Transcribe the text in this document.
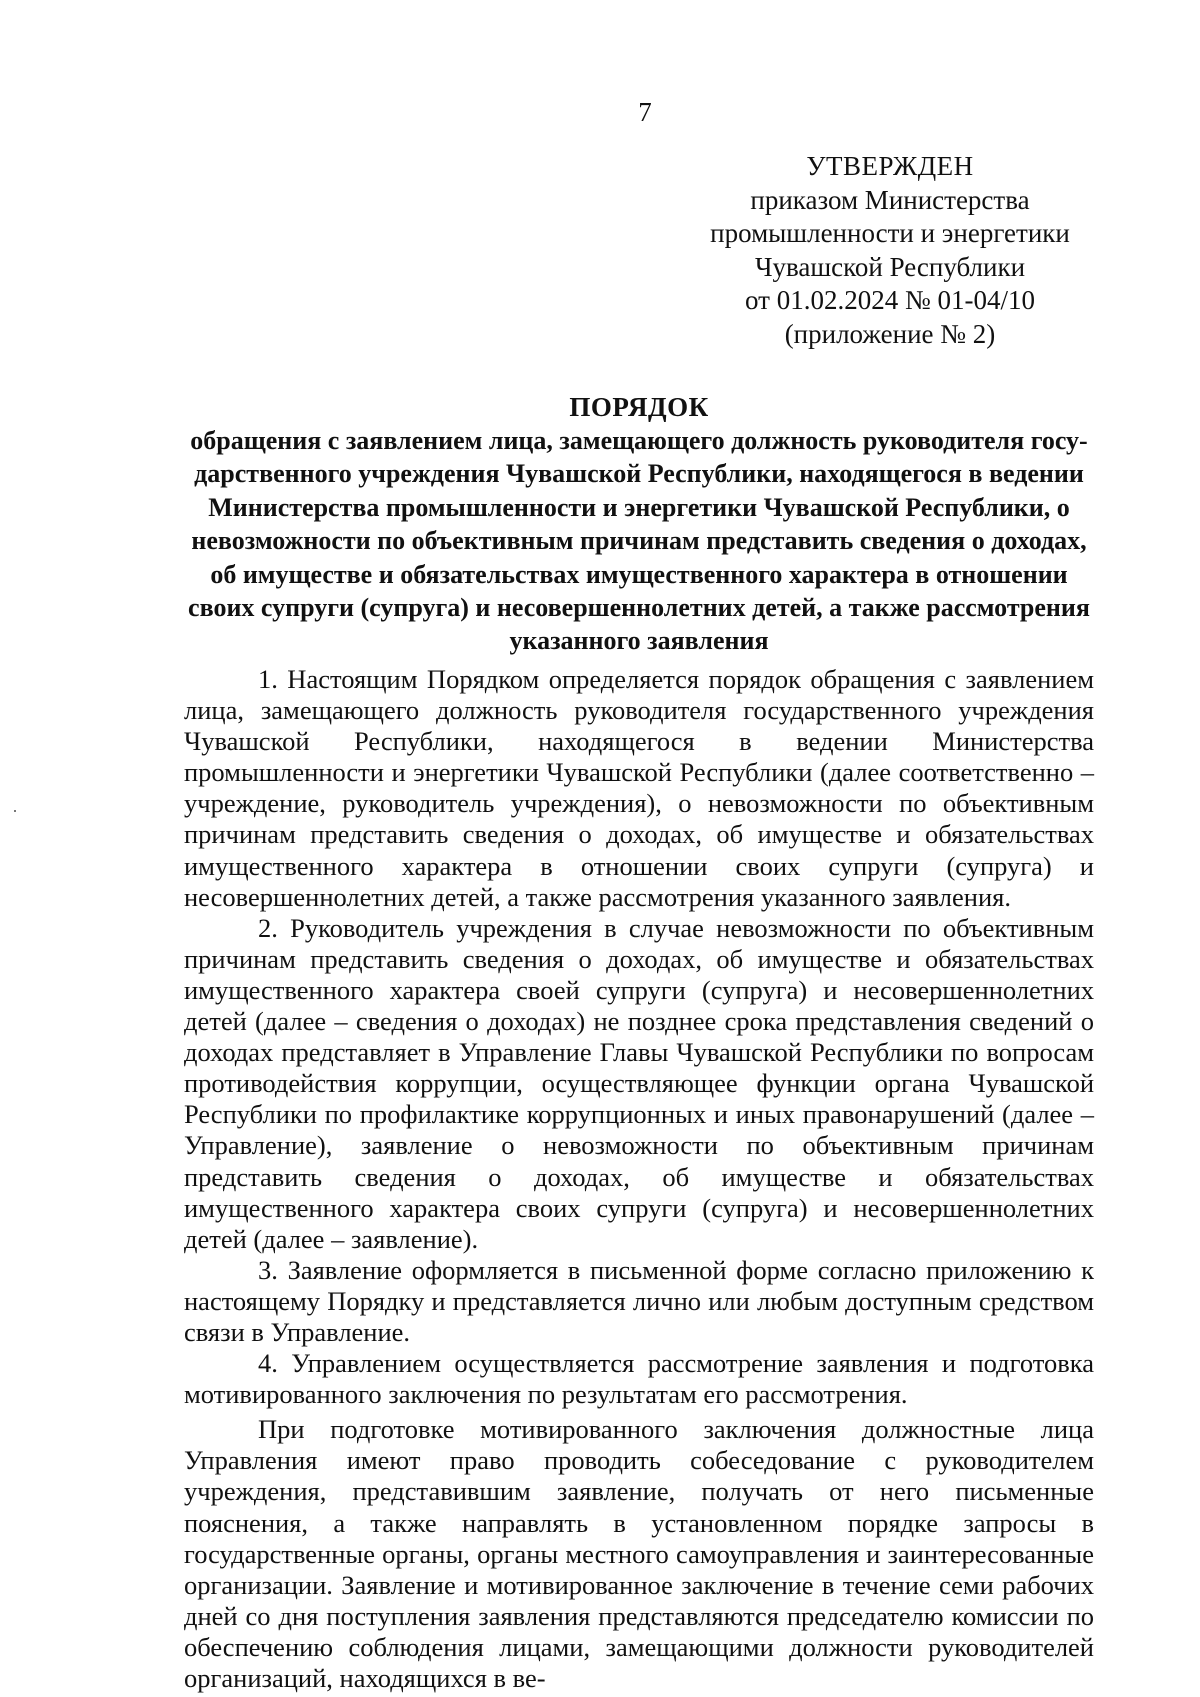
7
УТВЕРЖДЕН
приказом Министерства
промышленности и энергетики
Чувашской Республики
от 01.02.2024 № 01-04/10
(приложение № 2)
ПОРЯДОК
обращения с заявлением лица, замещающего должность руководителя госу-
дарственного учреждения Чувашской Республики, находящегося в ведении
Министерства промышленности и энергетики Чувашской Республики, о
невозможности по объективным причинам представить сведения о доходах,
об имуществе и обязательствах имущественного характера в отношении
своих супруги (супруга) и несовершеннолетних детей, а также рассмотрения
указанного заявления

1. Настоящим Порядком определяется порядок обращения с заявлением лица, замещающего должность руководителя государственного учреждения Чувашской Республики, находящегося в ведении Министерства промышленности и энергетики Чувашской Республики (далее соответственно – учреждение, руководитель учреждения), о невозможности по объективным причинам представить сведения о доходах, об имуществе и обязательствах имущественного характера в отношении своих супруги (супруга) и несовершеннолетних детей, а также рассмотрения указанного заявления.

2. Руководитель учреждения в случае невозможности по объективным причинам представить сведения о доходах, об имуществе и обязательствах имущественного характера своей супруги (супруга) и несовершеннолетних детей (далее – сведения о доходах) не позднее срока представления сведений о доходах представляет в Управление Главы Чувашской Республики по вопросам противодействия коррупции, осуществляющее функции органа Чувашской Республики по профилактике коррупционных и иных правонарушений (далее – Управление), заявление о невозможности по объективным причинам представить сведения о доходах, об имуществе и обязательствах имущественного характера своих супруги (супруга) и несовершеннолетних детей (далее – заявление).

3. Заявление оформляется в письменной форме согласно приложению к настоящему Порядку и представляется лично или любым доступным средством связи в Управление.

4. Управлением осуществляется рассмотрение заявления и подготовка мотивированного заключения по результатам его рассмотрения.

При подготовке мотивированного заключения должностные лица Управления имеют право проводить собеседование с руководителем учреждения, представившим заявление, получать от него письменные пояснения, а также направлять в установленном порядке запросы в государственные органы, органы местного самоуправления и заинтересованные организации. Заявление и мотивированное заключение в течение семи рабочих дней со дня поступления заявления представляются председателю комиссии по обеспечению соблюдения лицами, замещающими должности руководителей организаций, находящихся в ве-
